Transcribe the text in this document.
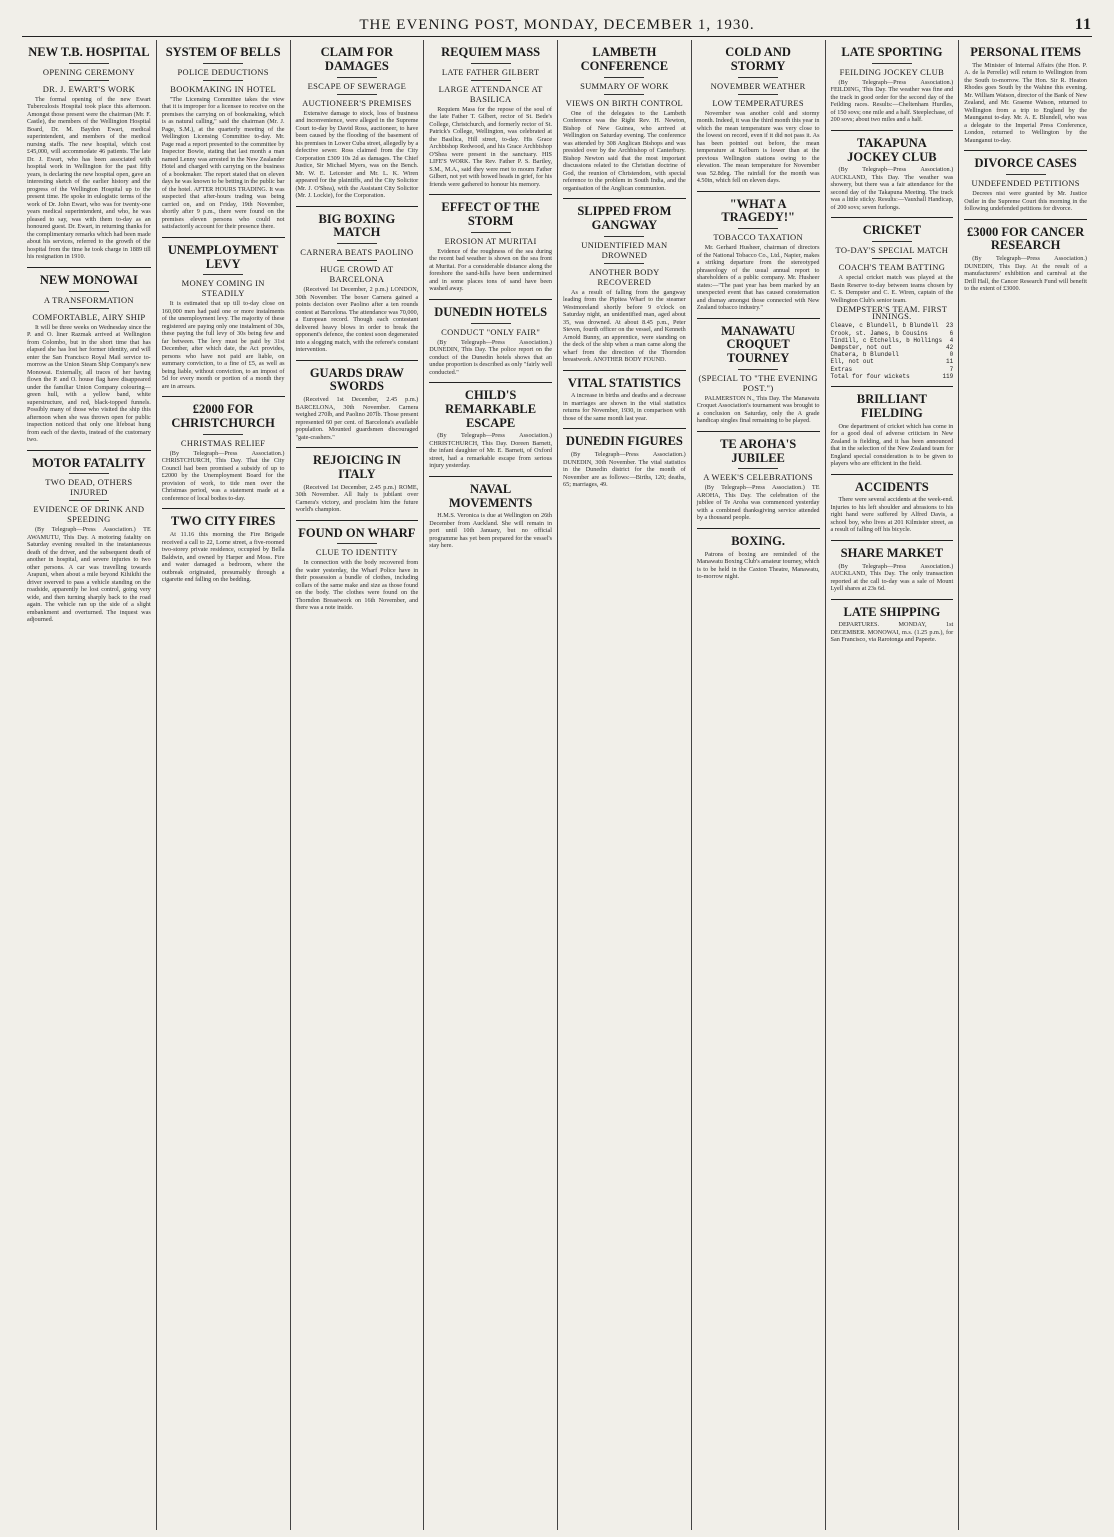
THE EVENING POST, MONDAY, DECEMBER 1, 1930.	11
NEW T.B. HOSPITAL
OPENING CEREMONY
DR. J. EWART'S WORK

The formal opening of the new Ewart Tuberculosis Hospital took place this afternoon. Amongst those present were the chairman (Mr. F. Castle), the members of the Wellington Hospital Board, Dr. M. Baydon Ewart, medical superintendent, and members of the medical nursing staffs. The new hospital, which cost £45,000, will accommodate 46 patients. The late Dr. J. Ewart, who has been associated with hospital work in Wellington for the past fifty years, is declaring the new hospital open, gave an interesting sketch of the earlier history and the progress of the Wellington Hospital up to the present time. He spoke in eulogistic terms of the work of Dr. John Ewart, who was for twenty-one years medical superintendent, and who, he was pleased to say, was with them to-day as an honoured guest. Dr. Ewart, in returning thanks for the complimentary remarks which had been made about his services, referred to the growth of the hospital from the time he took charge in 1889 till his resignation in 1910.

NEW MONOWAI
A TRANSFORMATION
COMFORTABLE, AIRY SHIP

It will be three weeks on Wednesday since the P. and O. liner Razmak arrived at Wellington from Colombo, but in the short time that has elapsed she has lost her former identity, and will enter the San Francisco Royal Mail service to-morrow as the Union Steam Ship Company's new Monowai. Externally, all traces of her having flown the P. and O. house flag have disappeared under the familiar Union Company colouring—green hull, with a yellow band, white superstructure, and red, black-topped funnels. Possibly many of those who visited the ship this afternoon when she was thrown open for public inspection noticed that only one lifeboat hung from each of the davits, instead of the customary two.

MOTOR FATALITY
TWO DEAD, OTHERS INJURED
EVIDENCE OF DRINK AND SPEEDING

(By Telegraph—Press Association.) TE AWAMUTU, This Day. A motoring fatality on Saturday evening resulted in the instantaneous death of the driver, and the subsequent death of another in hospital, and severe injuries to two other persons. A car was travelling towards Arapuni, when about a mile beyond Kihikihi the driver swerved to pass a vehicle standing on the roadside, apparently he lost control, going very wide, and then turning sharply back to the road again. The vehicle ran up the side of a slight embankment and overturned. The inquest was adjourned.

SYSTEM OF BELLS
POLICE DEDUCTIONS
BOOKMAKING IN HOTEL

"The Licensing Committee takes the view that it is improper for a licensee to receive on the premises the carrying on of bookmaking, which is as natural calling," said the chairman (Mr. J. Page, S.M.), at the quarterly meeting of the Wellington Licensing Committee to-day. Mr. Page read a report presented to the committee by Inspector Bowie, stating that last month a man named Lenny was arrested in the New Zealander Hotel and charged with carrying on the business of a bookmaker. The report stated that on eleven days he was known to be betting in the public bar of the hotel. AFTER HOURS TRADING. It was suspected that after-hours trading was being carried on, and on Friday, 19th November, shortly after 9 p.m., there were found on the premises eleven persons who could not satisfactorily account for their presence there.

UNEMPLOYMENT LEVY
MONEY COMING IN STEADILY

It is estimated that up till to-day close on 160,000 men had paid one or more instalments of the unemployment levy. The majority of these registered are paying only one instalment of 30s, these paying the full levy of 30s being few and far between. The levy must be paid by 31st December, after which date, the Act provides, persons who have not paid are liable, on summary conviction, to a fine of £5, as well as being liable, without conviction, to an impost of 5d for every month or portion of a month they are in arrears.

£2000 FOR CHRISTCHURCH
CHRISTMAS RELIEF

(By Telegraph—Press Association.) CHRISTCHURCH, This Day. That the City Council had been promised a subsidy of up to £2000 by the Unemployment Board for the provision of work, to tide men over the Christmas period, was a statement made at a conference of local bodies to-day.

TWO CITY FIRES

At 11.16 this morning the Fire Brigade received a call to 22, Lorne street, a five-roomed two-storey private residence, occupied by Bella Baldwin, and owned by Harper and Moss. Fire and water damaged a bedroom, where the outbreak originated, presumably through a cigarette end falling on the bedding.

CLAIM FOR DAMAGES
ESCAPE OF SEWERAGE
AUCTIONEER'S PREMISES

Extensive damage to stock, loss of business and inconvenience, were alleged in the Supreme Court to-day by David Ross, auctioneer, to have been caused by the flooding of the basement of his premises in Lower Cuba street, allegedly by a defective sewer. Ross claimed from the City Corporation £309 10s 2d as damages. The Chief Justice, Sir Michael Myers, was on the Bench. Mr. W. E. Leicester and Mr. L. K. Wiren appeared for the plaintiffs, and the City Solicitor (Mr. J. O'Shea), with the Assistant City Solicitor (Mr. J. Lockie), for the Corporation.

BIG BOXING MATCH
CARNERA BEATS PAOLINO
HUGE CROWD AT BARCELONA

(Received 1st December, 2 p.m.) LONDON, 30th November. The boxer Carnera gained a points decision over Paolino after a ten rounds contest at Barcelona. The attendance was 70,000, a European record. Though each contestant delivered heavy blows in order to break the opponent's defence, the contest soon degenerated into a slogging match, with the referee's constant intervention.

GUARDS DRAW SWORDS

(Received 1st December, 2.45 p.m.) BARCELONA, 30th November. Carnera weighed 270lb, and Paolino 207lb. Those present represented 60 per cent. of Barcelona's available population. Mounted guardsmen discouraged "gate-crashers."

REJOICING IN ITALY

(Received 1st December, 2.45 p.m.) ROME, 30th November. All Italy is jubilant over Carnera's victory, and proclaim him the future world's champion.

FOUND ON WHARF
CLUE TO IDENTITY

In connection with the body recovered from the water yesterday, the Wharf Police have in their possession a bundle of clothes, including collars of the same make and size as those found on the body. The clothes were found on the Thorndon Breastwork on 16th November, and there was a note inside.

REQUIEM MASS
LATE FATHER GILBERT
LARGE ATTENDANCE AT BASILICA

Requiem Mass for the repose of the soul of the late Father T. Gilbert, rector of St. Bede's College, Christchurch, and formerly rector of St. Patrick's College, Wellington, was celebrated at the Basilica, Hill street, to-day. His Grace Archbishop Redwood, and his Grace Archbishop O'Shea were present in the sanctuary. HIS LIFE'S WORK. The Rev. Father P. S. Bartley, S.M., M.A., said they were met to mourn Father Gilbert, not yet with bowed heads in grief, for his friends were gathered to honour his memory.

EFFECT OF THE STORM
EROSION AT MURITAI

Evidence of the roughness of the sea during the recent bad weather is shown on the sea front at Muritai. For a considerable distance along the foreshore the sand-hills have been undermined and in some places tons of sand have been washed away.

DUNEDIN HOTELS
CONDUCT "ONLY FAIR"

(By Telegraph—Press Association.) DUNEDIN, This Day. The police report on the conduct of the Dunedin hotels shows that an undue proportion is described as only "fairly well conducted."

CHILD'S REMARKABLE ESCAPE

(By Telegraph—Press Association.) CHRISTCHURCH, This Day. Doreen Barnett, the infant daughter of Mr. E. Barnett, of Oxford street, had a remarkable escape from serious injury yesterday.

NAVAL MOVEMENTS

H.M.S. Veronica is due at Wellington on 26th December from Auckland. She will remain in port until 10th January, but no official programme has yet been prepared for the vessel's stay here.

LAMBETH CONFERENCE
SUMMARY OF WORK
VIEWS ON BIRTH CONTROL

One of the delegates to the Lambeth Conference was the Right Rev. H. Newton, Bishop of New Guinea, who arrived at Wellington on Saturday evening. The conference was attended by 308 Anglican Bishops and was presided over by the Archbishop of Canterbury. Bishop Newton said that the most important discussions related to the Christian doctrine of God, the reunion of Christendom, with special reference to the problem in South India, and the organisation of the Anglican communion.

SLIPPED FROM GANGWAY
UNIDENTIFIED MAN DROWNED
ANOTHER BODY RECOVERED

As a result of falling from the gangway leading from the Pipitea Wharf to the steamer Westmoreland shortly before 9 o'clock on Saturday night, an unidentified man, aged about 35, was drowned. At about 8.45 p.m., Peter Steven, fourth officer on the vessel, and Kenneth Arnold Bunny, an apprentice, were standing on the deck of the ship when a man came along the wharf from the direction of the Thorndon breastwork. ANOTHER BODY FOUND.

VITAL STATISTICS

A increase in births and deaths and a decrease in marriages are shown in the vital statistics returns for November, 1930, in comparison with those of the same month last year.

DUNEDIN FIGURES

(By Telegraph—Press Association.) DUNEDIN, 30th November. The vital statistics in the Dunedin district for the month of November are as follows:—Births, 120; deaths, 65; marriages, 49.

COLD AND STORMY
NOVEMBER WEATHER
LOW TEMPERATURES

November was another cold and stormy month. Indeed, it was the third month this year in which the mean temperature was very close to the lowest on record, even if it did not pass it. As has been pointed out before, the mean temperature at Kelburn is lower than at the previous Wellington stations owing to the elevation. The mean temperature for November was 52.8deg. The rainfall for the month was 4.50in, which fell on eleven days.

"WHAT A TRAGEDY!"
TOBACCO TAXATION

Mr. Gerhard Husheer, chairman of directors of the National Tobacco Co., Ltd., Napier, makes a striking departure from the stereotyped phraseology of the usual annual report to shareholders of a public company. Mr. Husheer states:—"The past year has been marked by an unexpected event that has caused consternation and dismay amongst those connected with New Zealand tobacco industry."

MANAWATU CROQUET TOURNEY
(SPECIAL TO "THE EVENING POST.")

PALMERSTON N., This Day. The Manawatu Croquet Association's tournament was brought to a conclusion on Saturday, only the A grade handicap singles final remaining to be played.

TE AROHA'S JUBILEE
A WEEK'S CELEBRATIONS

(By Telegraph—Press Association.) TE AROHA, This Day. The celebration of the jubilee of Te Aroha was commenced yesterday with a combined thanksgiving service attended by a thousand people.

BOXING.

Patrons of boxing are reminded of the Manawatu Boxing Club's amateur tourney, which is to be held in the Caxton Theatre, Manawatu, to-morrow night.

LATE SPORTING
FEILDING JOCKEY CLUB

(By Telegraph—Press Association.) FEILDING, This Day. The weather was fine and the track in good order for the second day of the Feilding races. Results:—Cheltenham Hurdles, of 150 sovs; one mile and a half. Steeplechase, of 200 sovs; about two miles and a half.

TAKAPUNA JOCKEY CLUB

(By Telegraph—Press Association.) AUCKLAND, This Day. The weather was showery, but there was a fair attendance for the second day of the Takapuna Meeting. The track was a little sticky. Results:—Vauxhall Handicap, of 200 sovs; seven furlongs.

CRICKET
TO-DAY'S SPECIAL MATCH
COACH'S TEAM BATTING

A special cricket match was played at the Basin Reserve to-day between teams chosen by C. S. Dempster and C. E. Wiren, captain of the Wellington Club's senior team.

DEMPSTER'S TEAM. FIRST INNINGS.
Cleave, c Blundell, b Blundell 23
Crook, st. James, b Cousins	6
Tindill, c Etchells, b Hollings 4
Dempster, not out	42
Chatera, b Blundell	0
Ell, not out	11
Extras	7
Total for four wickets	119
BRILLIANT FIELDING

One department of cricket which has come in for a good deal of adverse criticism in New Zealand is fielding, and it has been announced that in the selection of the New Zealand team for England special consideration is to be given to players who are efficient in the field.

ACCIDENTS

There were several accidents at the week-end. Injuries to his left shoulder and abrasions to his right hand were suffered by Alfred Davis, a school boy, who lives at 201 Kilmister street, as a result of falling off his bicycle.

SHARE MARKET

(By Telegraph—Press Association.) AUCKLAND, This Day. The only transaction reported at the call to-day was a sale of Mount Lyell shares at 23s 6d.

LATE SHIPPING

DEPARTURES. MONDAY, 1st DECEMBER. MONOWAI, m.s. (1.25 p.m.), for San Francisco, via Rarotonga and Papeete.

PERSONAL ITEMS

The Minister of Internal Affairs (the Hon. P. A. de la Perrelle) will return to Wellington from the South to-morrow. The Hon. Sir R. Heaton Rhodes goes South by the Wahine this evening. Mr. William Watson, director of the Bank of New Zealand, and Mr. Graeme Watson, returned to Wellington from a trip to England by the Maunganui to-day. Mr. A. E. Blundell, who was a delegate to the Imperial Press Conference, London, returned to Wellington by the Maunganui to-day.

DIVORCE CASES
UNDEFENDED PETITIONS

Decrees nisi were granted by Mr. Justice Ostler in the Supreme Court this morning in the following undefended petitions for divorce.

£3000 FOR CANCER RESEARCH

(By Telegraph—Press Association.) DUNEDIN, This Day. At the result of a manufacturers' exhibition and carnival at the Drill Hall, the Cancer Research Fund will benefit to the extent of £3000.
